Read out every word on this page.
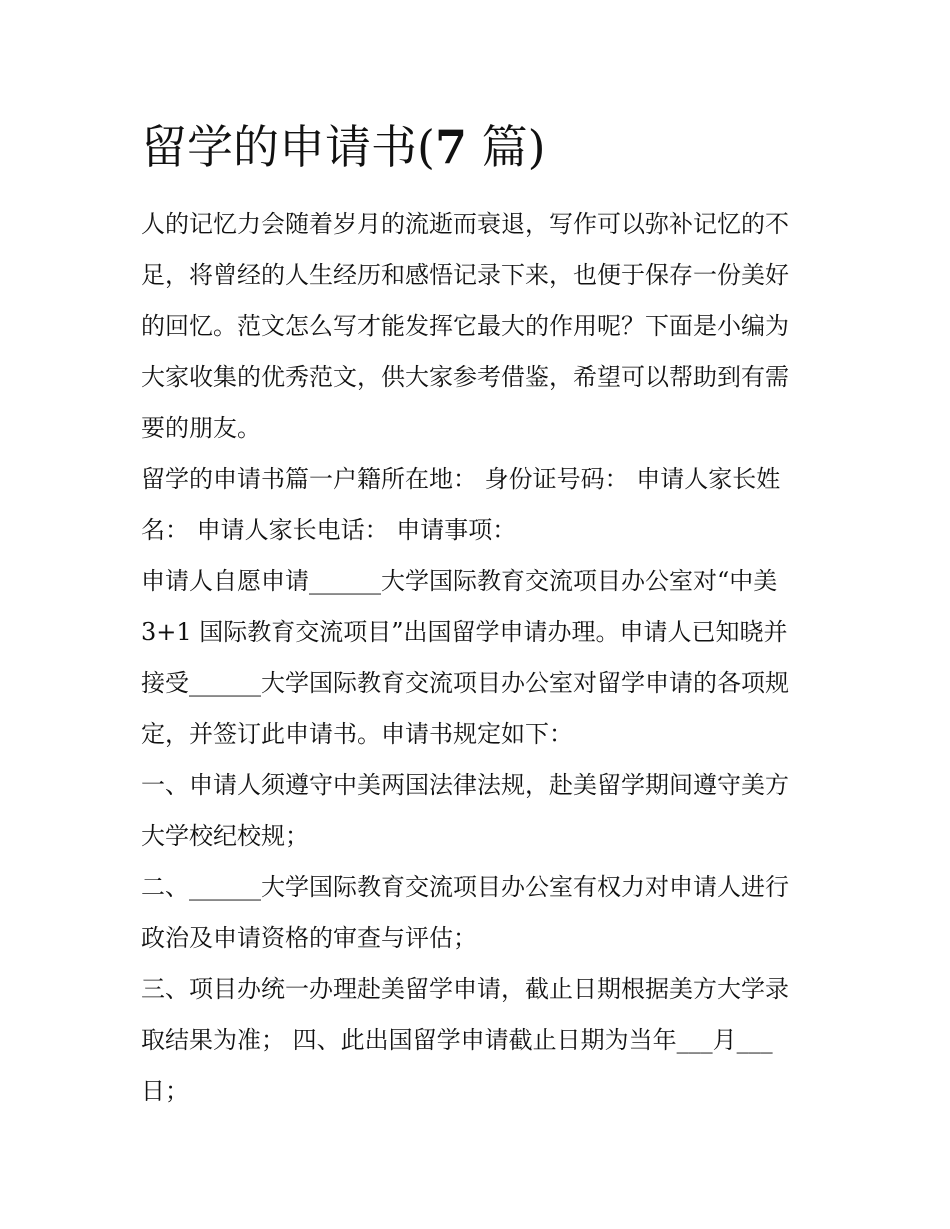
留学的申请书(7 篇)
人的记忆力会随着岁月的流逝而衰退，写作可以弥补记忆的不
足，将曾经的人生经历和感悟记录下来，也便于保存一份美好
的回忆。范文怎么写才能发挥它最大的作用呢？下面是小编为
大家收集的优秀范文，供大家参考借鉴，希望可以帮助到有需
要的朋友。
留学的申请书篇一户籍所在地： 身份证号码： 申请人家长姓
名： 申请人家长电话： 申请事项：
申请人自愿申请______大学国际教育交流项目办公室对“中美
3+1 国际教育交流项目”出国留学申请办理。申请人已知晓并
接受______大学国际教育交流项目办公室对留学申请的各项规
定，并签订此申请书。申请书规定如下：
一、申请人须遵守中美两国法律法规，赴美留学期间遵守美方
大学校纪校规；
二、______大学国际教育交流项目办公室有权力对申请人进行
政治及申请资格的审查与评估；
三、项目办统一办理赴美留学申请，截止日期根据美方大学录
取结果为准； 四、此出国留学申请截止日期为当年___月___
日；
